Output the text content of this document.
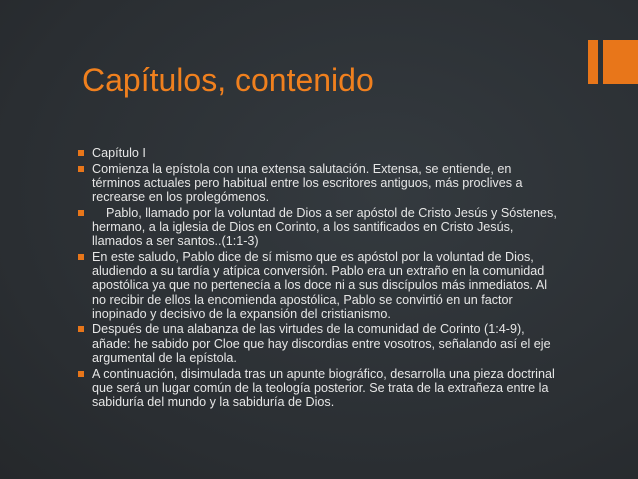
Capítulos, contenido
Capítulo I
Comienza la epístola con una extensa salutación. Extensa, se entiende, en términos actuales pero habitual entre los escritores antiguos, más proclives a recrearse en los prolegómenos.
Pablo, llamado por la voluntad de Dios a ser apóstol de Cristo Jesús y Sóstenes, hermano, a la iglesia de Dios en Corinto, a los santificados en Cristo Jesús, llamados a ser santos..(1:1-3)
En este saludo, Pablo dice de sí mismo que es apóstol por la voluntad de Dios, aludiendo a su tardía y atípica conversión. Pablo era un extraño en la comunidad apostólica ya que no pertenecía a los doce ni a sus discípulos más inmediatos. Al no recibir de ellos la encomienda apostólica, Pablo se convirtió en un factor inopinado y decisivo de la expansión del cristianismo.
Después de una alabanza de las virtudes de la comunidad de Corinto (1:4-9), añade: he sabido por Cloe que hay discordias entre vosotros, señalando así el eje argumental de la epístola.
A continuación, disimulada tras un apunte biográfico, desarrolla una pieza doctrinal que será un lugar común de la teología posterior. Se trata de la extrañeza entre la sabiduría del mundo y la sabiduría de Dios.
